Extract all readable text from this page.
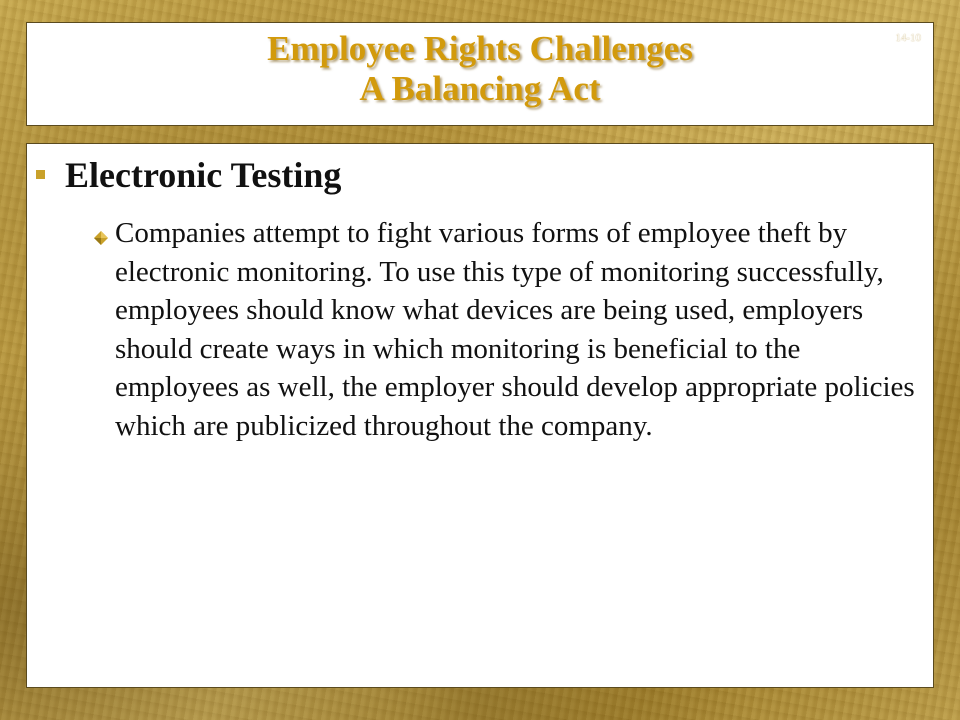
14-10
Employee Rights Challenges
A Balancing Act
Electronic Testing
Companies attempt to fight various forms of employee theft by electronic monitoring. To use this type of monitoring successfully, employees should know what devices are being used, employers should create ways in which monitoring is beneficial to the employees as well, the employer should develop appropriate policies which are publicized throughout the company.
